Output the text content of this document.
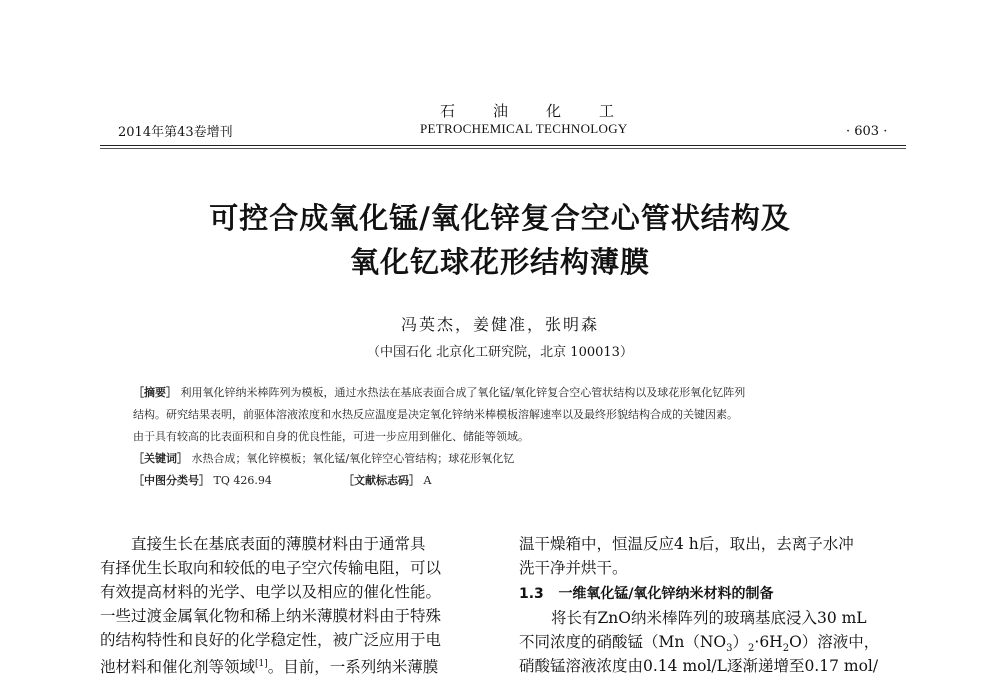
石油化工
2014年第43卷增刊	PETROCHEMICAL TECHNOLOGY	· 603 ·
可控合成氧化锰/氧化锌复合空心管状结构及
氧化钇球花形结构薄膜
冯英杰，姜健准，张明森
（中国石化 北京化工研究院，北京 100013）
［摘要］ 利用氧化锌纳米棒阵列为模板，通过水热法在基底表面合成了氧化锰/氧化锌复合空心管状结构以及球花形氧化钇阵列
结构。研究结果表明，前驱体溶液浓度和水热反应温度是决定氧化锌纳米棒模板溶解速率以及最终形貌结构合成的关键因素。
由于具有较高的比表面积和自身的优良性能，可进一步应用到催化、储能等领域。
［关键词］ 水热合成；氧化锌模板；氧化锰/氧化锌空心管结构；球花形氧化钇
［中图分类号］ TQ 426.94	［文献标志码］ A
直接生长在基底表面的薄膜材料由于通常具
有择优生长取向和较低的电子空穴传输电阻，可以
有效提高材料的光学、电学以及相应的催化性能。
一些过渡金属氧化物和稀上纳米薄膜材料由于特殊
的结构特性和良好的化学稳定性，被广泛应用于电
池材料和催化剂等领域[1]。目前，一系列纳米薄膜
温干燥箱中，恒温反应4 h后，取出，去离子水冲
洗干净并烘干。
1.3 一维氧化锰/氧化锌纳米材料的制备
将长有ZnO纳米棒阵列的玻璃基底浸入30 mL
不同浓度的硝酸锰$(Mn(NO_3)_2\cdot 6H_2O)$溶液中，
硝酸锰溶液浓度由0.14 mol/L逐渐递增至0.17 mol/
